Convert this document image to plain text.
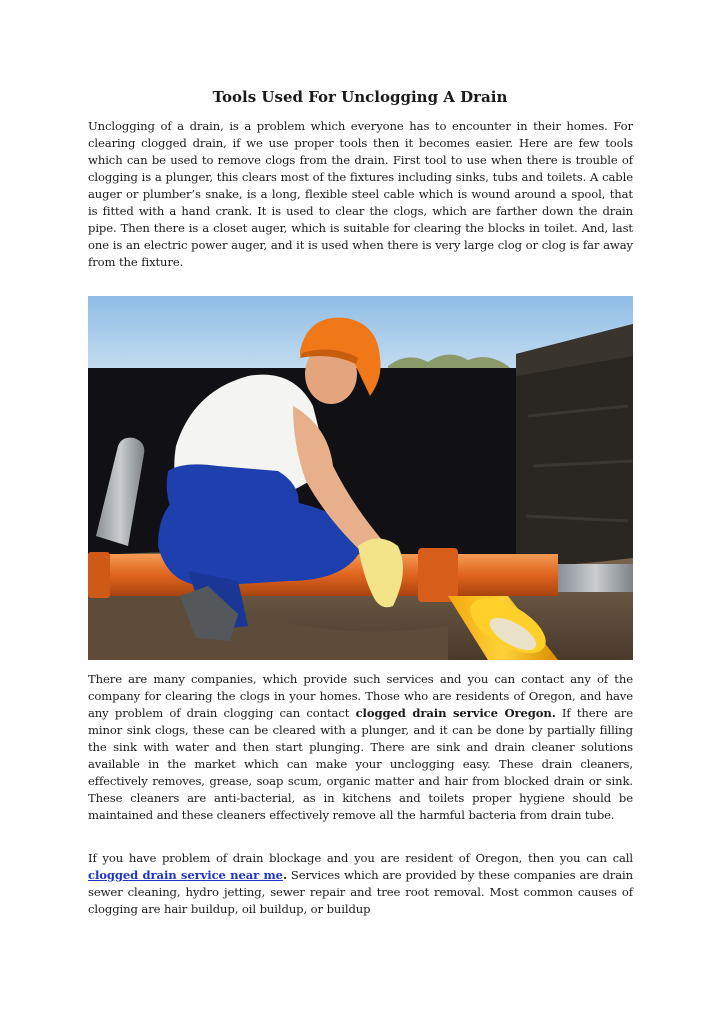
Tools Used For Unclogging A Drain

Unclogging of a drain, is a problem which everyone has to encounter in their homes. For clearing clogged drain, if we use proper tools then it becomes easier. Here are few tools which can be used to remove clogs from the drain. First tool to use when there is trouble of clogging is a plunger, this clears most of the fixtures including sinks, tubs and toilets. A cable auger or plumber’s snake, is a long, flexible steel cable which is wound around a spool, that is fitted with a hand crank. It is used to clear the clogs, which are farther down the drain pipe. Then there is a closet auger, which is suitable for clearing the blocks in toilet. And, last one is an electric power auger, and it is used when there is very large clog or clog is far away from the fixture.

There are many companies, which provide such services and you can contact any of the company for clearing the clogs in your homes. Those who are residents of Oregon, and have any problem of drain clogging can contact clogged drain service Oregon. If there are minor sink clogs, these can be cleared with a plunger, and it can be done by partially filling the sink with water and then start plunging. There are sink and drain cleaner solutions available in the market which can make your unclogging easy. These drain cleaners, effectively removes, grease, soap scum, organic matter and hair from blocked drain or sink. These cleaners are anti-bacterial, as in kitchens and toilets proper hygiene should be maintained and these cleaners effectively remove all the harmful bacteria from drain tube.

If you have problem of drain blockage and you are resident of Oregon, then you can call clogged drain service near me. Services which are provided by these companies are drain sewer cleaning, hydro jetting, sewer repair and tree root removal. Most common causes of clogging are hair buildup, oil buildup, or buildup
